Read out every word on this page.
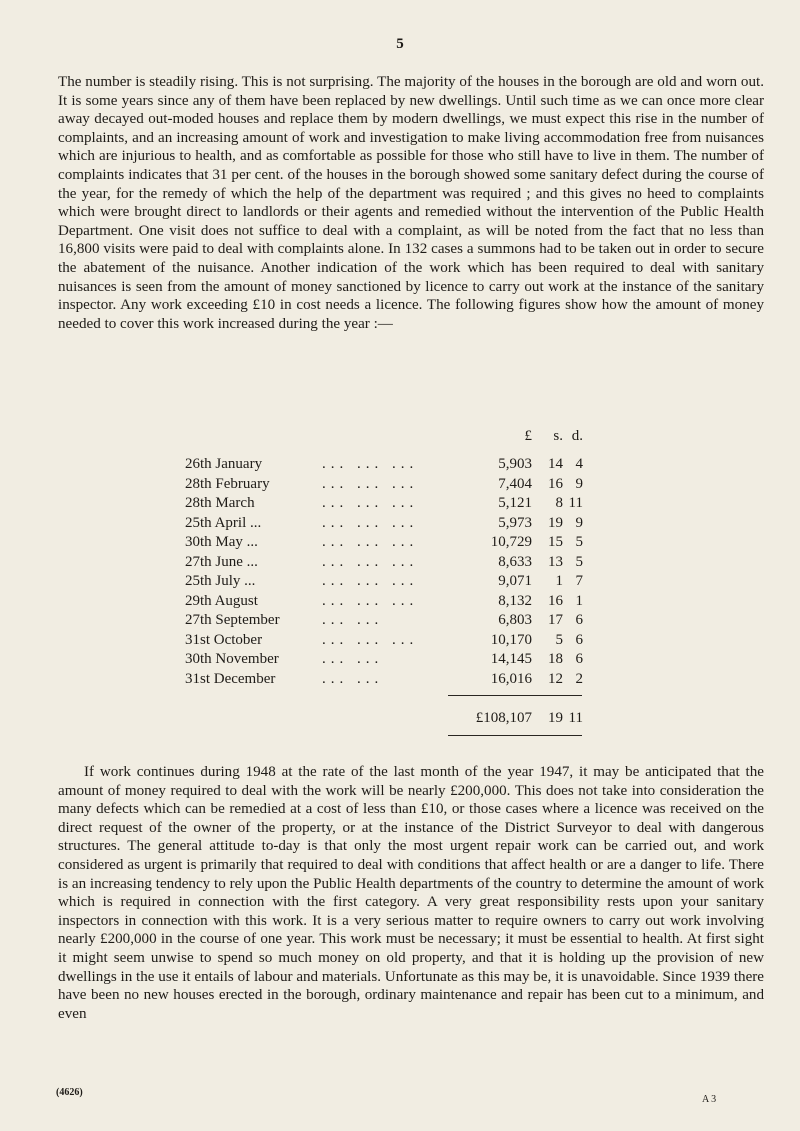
5

The number is steadily rising. This is not surprising. The majority of the houses in the borough are old and worn out. It is some years since any of them have been replaced by new dwellings. Until such time as we can once more clear away decayed out-moded houses and replace them by modern dwellings, we must expect this rise in the number of complaints, and an increasing amount of work and investigation to make living accommodation free from nuisances which are injurious to health, and as comfortable as possible for those who still have to live in them. The number of complaints indicates that 31 per cent. of the houses in the borough showed some sanitary defect during the course of the year, for the remedy of which the help of the department was required ; and this gives no heed to complaints which were brought direct to landlords or their agents and remedied without the intervention of the Public Health Department. One visit does not suffice to deal with a complaint, as will be noted from the fact that no less than 16,800 visits were paid to deal with complaints alone. In 132 cases a summons had to be taken out in order to secure the abatement of the nuisance. Another indication of the work which has been required to deal with sanitary nuisances is seen from the amount of money sanctioned by licence to carry out work at the instance of the sanitary inspector. Any work exceeding £10 in cost needs a licence. The following figures show how the amount of money needed to cover this work increased during the year :—

£ s. d.
26th January	... ... ...	5,903 14 4
28th February	... ... ...	7,404 16 9
28th March	... ... ...	5,121 8 11
25th April ...	... ... ...	5,973 19 9
30th May ...	... ... ...	10,729 15 5
27th June ...	... ... ...	8,633 13 5
25th July ...	... ... ...	9,071 1 7
29th August	... ... ...	8,132 16 1
27th September	... ...	6,803 17 6
31st October	... ... ...	10,170 5 6
30th November	... ...	14,145 18 6
31st December	... ...	16,016 12 2
£108,107 19 11

If work continues during 1948 at the rate of the last month of the year 1947, it may be anticipated that the amount of money required to deal with the work will be nearly £200,000. This does not take into consideration the many defects which can be remedied at a cost of less than £10, or those cases where a licence was received on the direct request of the owner of the property, or at the instance of the District Surveyor to deal with dangerous structures. The general attitude to-day is that only the most urgent repair work can be carried out, and work considered as urgent is primarily that required to deal with conditions that affect health or are a danger to life. There is an increasing tendency to rely upon the Public Health departments of the country to determine the amount of work which is required in connection with the first category. A very great responsibility rests upon your sanitary inspectors in connection with this work. It is a very serious matter to require owners to carry out work involving nearly £200,000 in the course of one year. This work must be necessary; it must be essential to health. At first sight it might seem unwise to spend so much money on old property, and that it is holding up the provision of new dwellings in the use it entails of labour and materials. Unfortunate as this may be, it is unavoidable. Since 1939 there have been no new houses erected in the borough, ordinary maintenance and repair has been cut to a minimum, and even

(4626)
A 3
